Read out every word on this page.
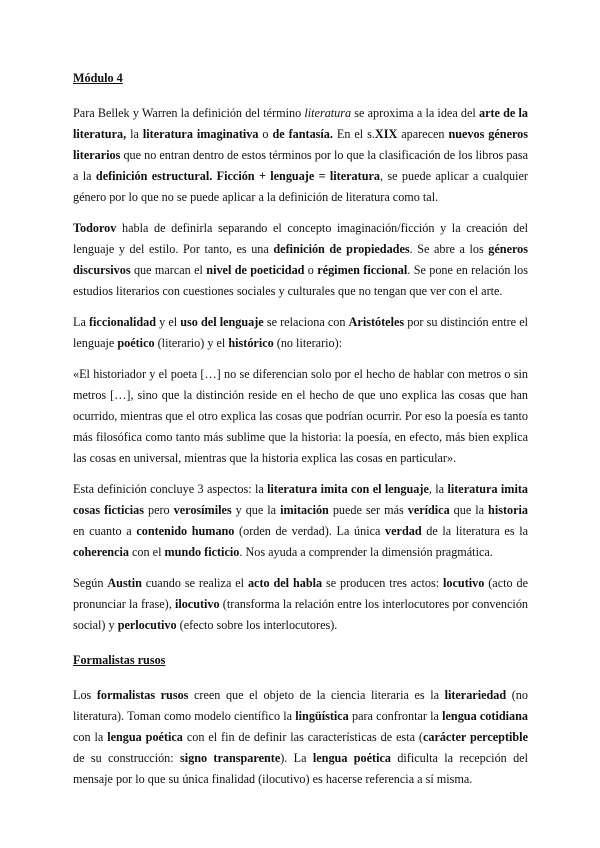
Módulo 4

Para Bellek y Warren la definición del término literatura se aproxima a la idea del arte de la literatura, la literatura imaginativa o de fantasía. En el s.XIX aparecen nuevos géneros literarios que no entran dentro de estos términos por lo que la clasificación de los libros pasa a la definición estructural. Ficción + lenguaje = literatura, se puede aplicar a cualquier género por lo que no se puede aplicar a la definición de literatura como tal.

Todorov habla de definirla separando el concepto imaginación/ficción y la creación del lenguaje y del estilo. Por tanto, es una definición de propiedades. Se abre a los géneros discursivos que marcan el nivel de poeticidad o régimen ficcional. Se pone en relación los estudios literarios con cuestiones sociales y culturales que no tengan que ver con el arte.

La ficcionalidad y el uso del lenguaje se relaciona con Aristóteles por su distinción entre el lenguaje poético (literario) y el histórico (no literario):

«El historiador y el poeta […] no se diferencian solo por el hecho de hablar con metros o sin metros […], sino que la distinción reside en el hecho de que uno explica las cosas que han ocurrido, mientras que el otro explica las cosas que podrían ocurrir. Por eso la poesía es tanto más filosófica como tanto más sublime que la historia: la poesía, en efecto, más bien explica las cosas en universal, mientras que la historia explica las cosas en particular».

Esta definición concluye 3 aspectos: la literatura imita con el lenguaje, la literatura imita cosas ficticias pero verosímiles y que la imitación puede ser más verídica que la historia en cuanto a contenido humano (orden de verdad). La única verdad de la literatura es la coherencia con el mundo ficticio. Nos ayuda a comprender la dimensión pragmática.

Según Austin cuando se realiza el acto del habla se producen tres actos: locutivo (acto de pronunciar la frase), ilocutivo (transforma la relación entre los interlocutores por convención social) y perlocutivo (efecto sobre los interlocutores).

Formalistas rusos

Los formalistas rusos creen que el objeto de la ciencia literaria es la literariedad (no literatura). Toman como modelo científico la lingüística para confrontar la lengua cotidiana con la lengua poética con el fin de definir las características de esta (carácter perceptible de su construcción: signo transparente). La lengua poética dificulta la recepción del mensaje por lo que su única finalidad (ilocutivo) es hacerse referencia a sí misma.
